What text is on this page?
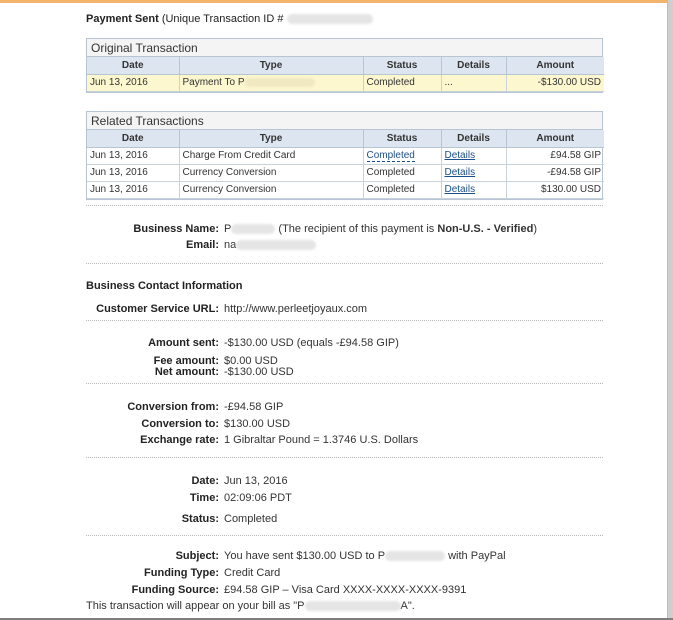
Payment Sent (Unique Transaction ID #
Original Transaction
Date	Type	Status	Details	Amount
Jun 13, 2016	Payment To P	Completed	...	-$130.00 USD
Related Transactions
Date	Type	Status	Details	Amount
Jun 13, 2016	Charge From Credit Card	Completed	Details	£94.58 GIP
Jun 13, 2016	Currency Conversion	Completed	Details	-£94.58 GIP
Jun 13, 2016	Currency Conversion	Completed	Details	$130.00 USD
Business Name: P	(The recipient of this payment is Non-U.S. - Verified)
Email: na
Business Contact Information
Customer Service URL: http://www.perleetjoyaux.com
Amount sent: -$130.00 USD (equals -£94.58 GIP)
Fee amount: $0.00 USD
Net amount: -$130.00 USD
Conversion from: -£94.58 GIP
Conversion to: $130.00 USD
Exchange rate: 1 Gibraltar Pound = 1.3746 U.S. Dollars
Date: Jun 13, 2016
Time: 02:09:06 PDT
Status: Completed
Subject: You have sent $130.00 USD to P	with PayPal
Funding Type: Credit Card
Funding Source: £94.58 GIP – Visa Card XXXX-XXXX-XXXX-9391
This transaction will appear on your bill as "P	A".
